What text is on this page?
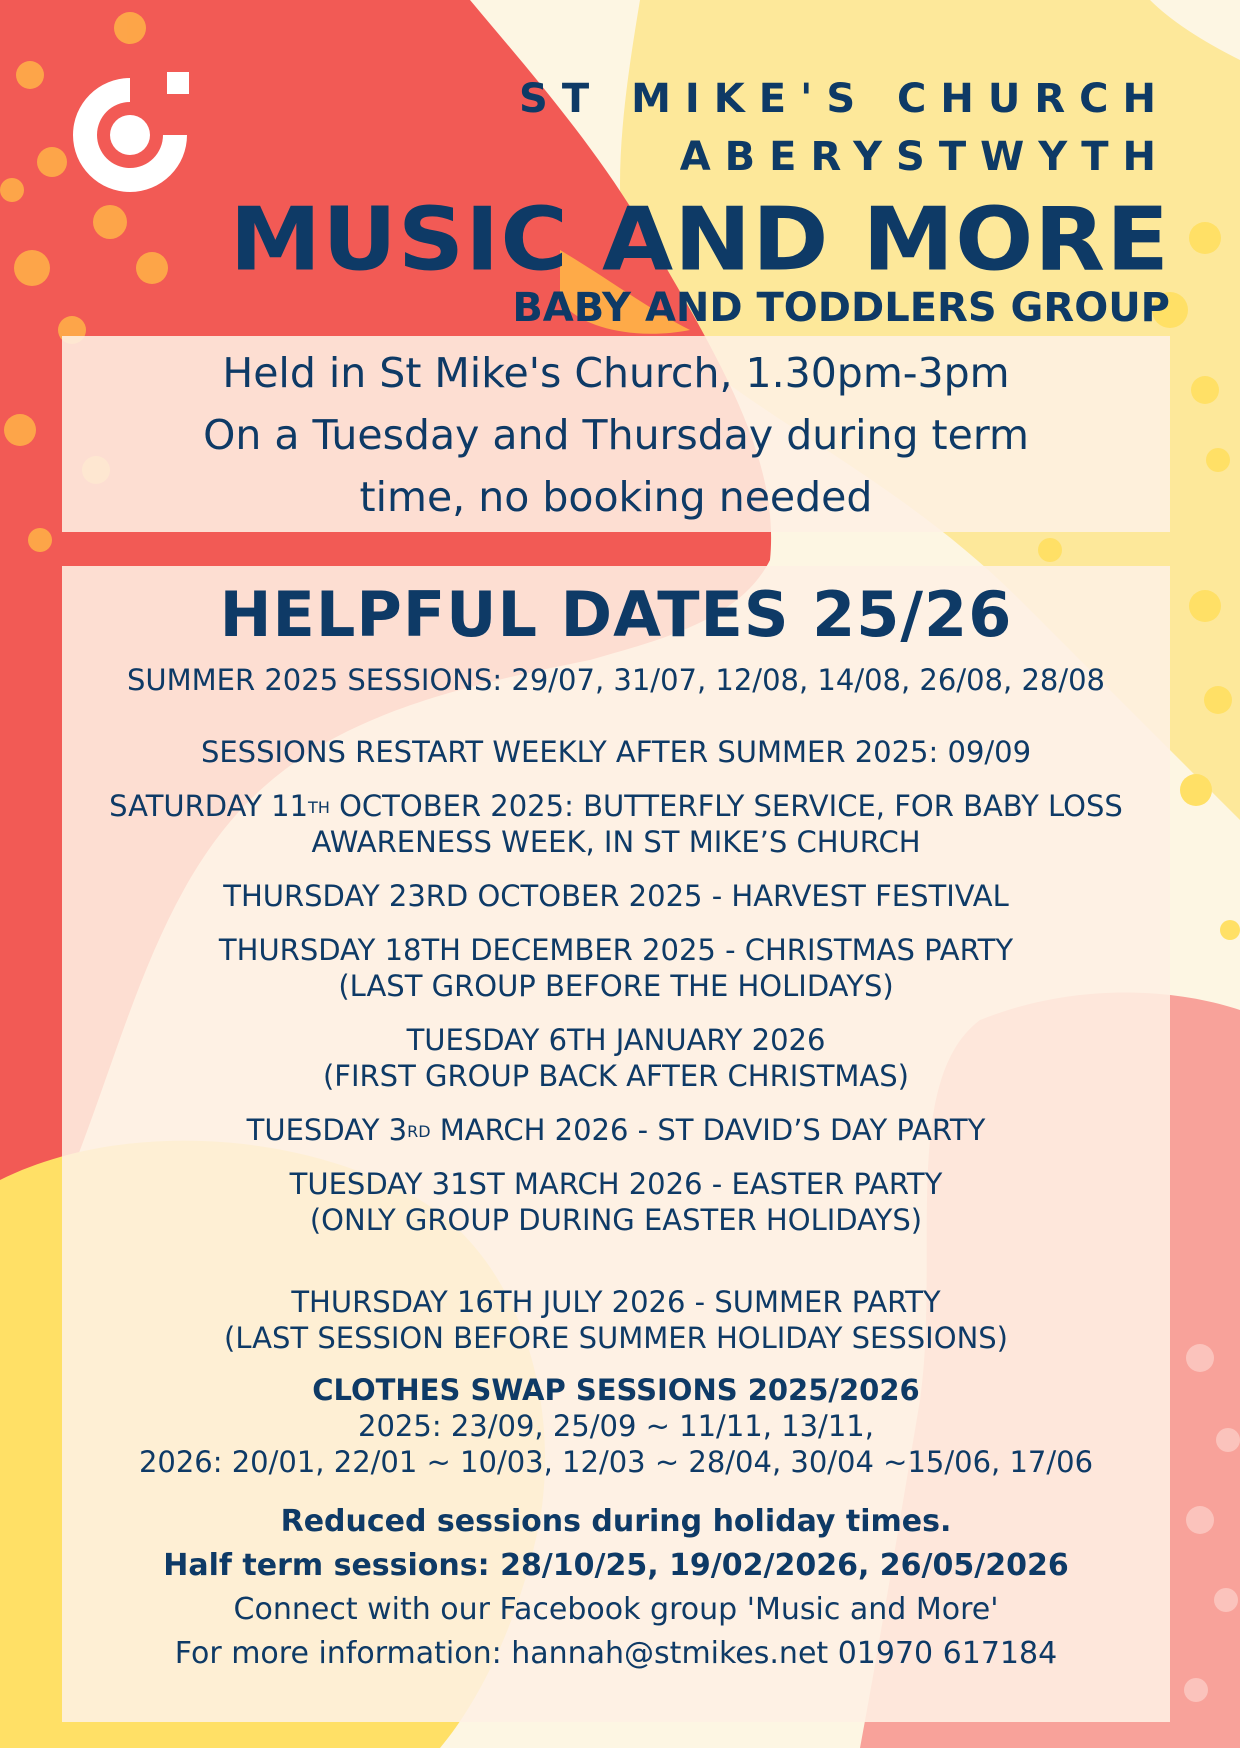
ST MIKE'S CHURCH
ABERYSTWYTH
MUSIC AND MORE
BABY AND TODDLERS GROUP
Held in St Mike's Church, 1.30pm-3pm
On a Tuesday and Thursday during term
time, no booking needed
HELPFUL DATES 25/26
SUMMER 2025 SESSIONS: 29/07, 31/07, 12/08, 14/08, 26/08, 28/08
SESSIONS RESTART WEEKLY AFTER SUMMER 2025: 09/09
SATURDAY 11TH OCTOBER 2025: BUTTERFLY SERVICE, FOR BABY LOSS
AWARENESS WEEK, IN ST MIKE’S CHURCH
THURSDAY 23RD OCTOBER 2025 - HARVEST FESTIVAL
THURSDAY 18TH DECEMBER 2025 - CHRISTMAS PARTY
(LAST GROUP BEFORE THE HOLIDAYS)
TUESDAY 6TH JANUARY 2026
(FIRST GROUP BACK AFTER CHRISTMAS)
TUESDAY 3RD MARCH 2026 - ST DAVID’S DAY PARTY
TUESDAY 31ST MARCH 2026 - EASTER PARTY
(ONLY GROUP DURING EASTER HOLIDAYS)
THURSDAY 16TH JULY 2026 - SUMMER PARTY
(LAST SESSION BEFORE SUMMER HOLIDAY SESSIONS)
CLOTHES SWAP SESSIONS 2025/2026
2025: 23/09, 25/09 ~ 11/11, 13/11,
2026: 20/01, 22/01 ~ 10/03, 12/03 ~ 28/04, 30/04 ~15/06, 17/06
Reduced sessions during holiday times.
Half term sessions: 28/10/25, 19/02/2026, 26/05/2026
Connect with our Facebook group 'Music and More'
For more information: hannah@stmikes.net 01970 617184
